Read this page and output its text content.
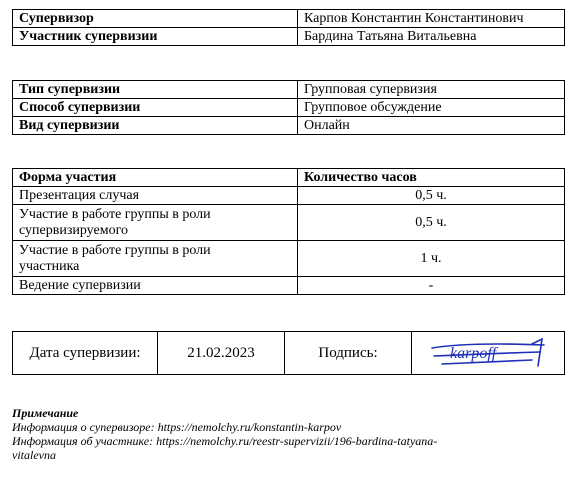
Супервизор	Карпов Константин Константинович
Участник супервизии	Бардина Татьяна Витальевна
Тип супервизии	Групповая супервизия
Способ супервизии	Групповое обсуждение
Вид супервизии	Онлайн
Форма участия	Количество часов
Презентация случая	0,5 ч.

Участие в работе группы в роли
супервизируемого	0,5 ч.

Участие в работе группы в роли
участника	1 ч.
Ведение супервизии	-
Дата супервизии:	21.02.2023	Подпись:	karpoff
Примечание
Информация о супервизоре: https://nemolchy.ru/konstantin-karpov
Информация об участнике: https://nemolchy.ru/reestr-supervizii/196-bardina-tatyana-
vitalevna
